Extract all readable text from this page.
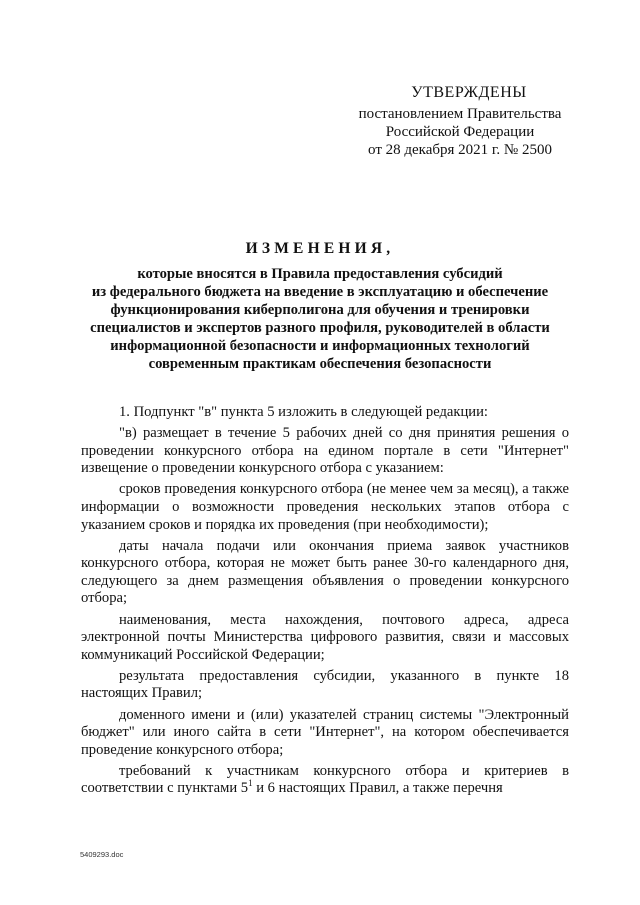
УТВЕРЖДЕНЫ
постановлением Правительства
Российской Федерации
от 28 декабря 2021 г. № 2500
ИЗМЕНЕНИЯ,
которые вносятся в Правила предоставления субсидий
из федерального бюджета на введение в эксплуатацию и обеспечение
функционирования киберполигона для обучения и тренировки
специалистов и экспертов разного профиля, руководителей в области
информационной безопасности и информационных технологий
современным практикам обеспечения безопасности

1. Подпункт "в" пункта 5 изложить в следующей редакции:

"в) размещает в течение 5 рабочих дней со дня принятия решения о проведении конкурсного отбора на едином портале в сети "Интернет" извещение о проведении конкурсного отбора с указанием:

сроков проведения конкурсного отбора (не менее чем за месяц), а также информации о возможности проведения нескольких этапов отбора с указанием сроков и порядка их проведения (при необходимости);

даты начала подачи или окончания приема заявок участников конкурсного отбора, которая не может быть ранее 30-го календарного дня, следующего за днем размещения объявления о проведении конкурсного отбора;

наименования, места нахождения, почтового адреса, адреса электронной почты Министерства цифрового развития, связи и массовых коммуникаций Российской Федерации;

результата предоставления субсидии, указанного в пункте 18 настоящих Правил;

доменного имени и (или) указателей страниц системы "Электронный бюджет" или иного сайта в сети "Интернет", на котором обеспечивается проведение конкурсного отбора;

требований к участникам конкурсного отбора и критериев в соответствии с пунктами $5^1$ и 6 настоящих Правил, а также перечня

5409293.doc
